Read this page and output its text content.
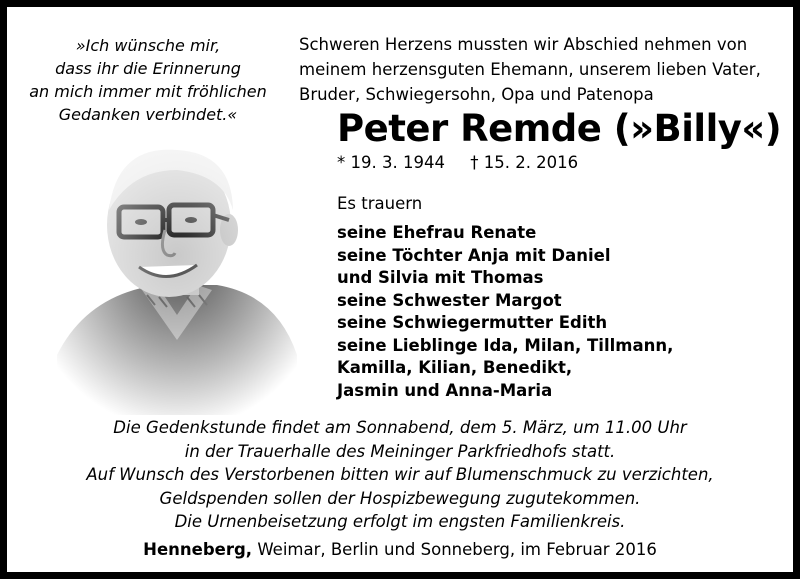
»Ich wünsche mir,
dass ihr die Erinnerung
an mich immer mit fröhlichen
Gedanken verbindet.«
Schweren Herzens mussten wir Abschied nehmen von
meinem herzensguten Ehemann, unserem lieben Vater,
Bruder, Schwiegersohn, Opa und Patenopa
Peter Remde (»Billy«)
* 19. 3. 1944 † 15. 2. 2016
Es trauern
seine Ehefrau Renate
seine Töchter Anja mit Daniel
und Silvia mit Thomas
seine Schwester Margot
seine Schwiegermutter Edith
seine Lieblinge Ida, Milan, Tillmann,
Kamilla, Kilian, Benedikt,
Jasmin und Anna-Maria
Die Gedenkstunde findet am Sonnabend, dem 5. März, um 11.00 Uhr
in der Trauerhalle des Meininger Parkfriedhofs statt.
Auf Wunsch des Verstorbenen bitten wir auf Blumenschmuck zu verzichten,
Geldspenden sollen der Hospizbewegung zugutekommen.
Die Urnenbeisetzung erfolgt im engsten Familienkreis.
Henneberg, Weimar, Berlin und Sonneberg, im Februar 2016
